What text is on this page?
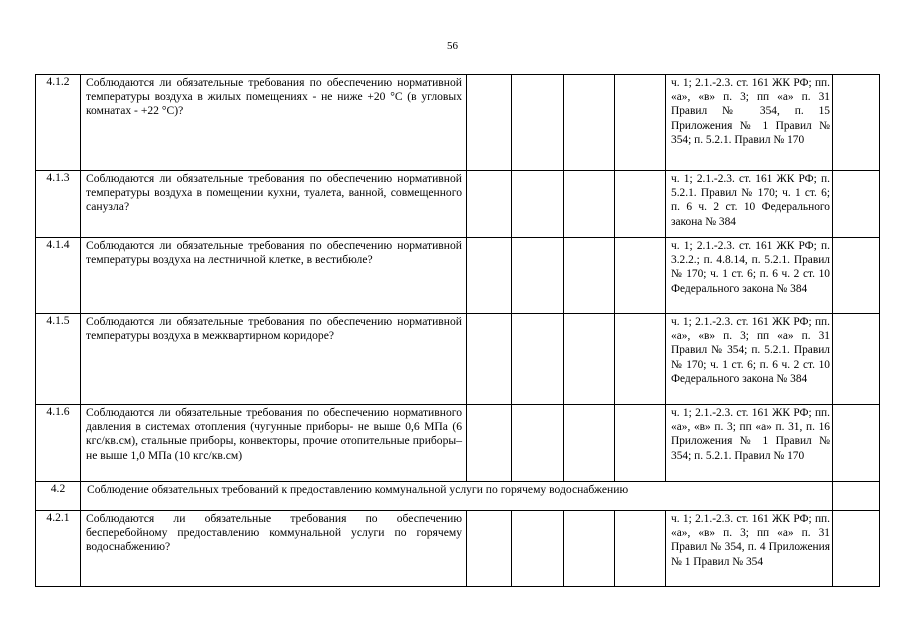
56
4.1.2	Соблюдаются ли обязательные требования по обеспечению нормативной температуры воздуха в жилых помещениях - не ниже +20 °С (в угловых комнатах - +22 °С)?					ч. 1; 2.1.-2.3. ст. 161 ЖК РФ; пп. «а», «в» п. 3; пп «а» п. 31 Правил № 354, п. 15 Приложения № 1 Правил № 354; п. 5.2.1. Правил № 170	
4.1.3	Соблюдаются ли обязательные требования по обеспечению нормативной температуры воздуха в помещении кухни, туалета, ванной, совмещенного санузла?					ч. 1; 2.1.-2.3. ст. 161 ЖК РФ; п. 5.2.1. Правил № 170; ч. 1 ст. 6; п. 6 ч. 2 ст. 10 Федерального закона № 384	
4.1.4	Соблюдаются ли обязательные требования по обеспечению нормативной температуры воздуха на лестничной клетке, в вестибюле?					ч. 1; 2.1.-2.3. ст. 161 ЖК РФ; п. 3.2.2.; п. 4.8.14, п. 5.2.1. Правил № 170; ч. 1 ст. 6; п. 6 ч. 2 ст. 10 Федерального закона № 384	
4.1.5	Соблюдаются ли обязательные требования по обеспечению нормативной температуры воздуха в межквартирном коридоре?					ч. 1; 2.1.-2.3. ст. 161 ЖК РФ; пп. «а», «в» п. 3; пп «а» п. 31 Правил № 354; п. 5.2.1. Правил № 170; ч. 1 ст. 6; п. 6 ч. 2 ст. 10 Федерального закона № 384	
4.1.6	Соблюдаются ли обязательные требования по обеспечению нормативного давления в системах отопления (чугунные приборы- не выше 0,6 МПа (6 кгс/кв.см), стальные приборы, конвекторы, прочие отопительные приборы– не выше 1,0 МПа (10 кгс/кв.см)					ч. 1; 2.1.-2.3. ст. 161 ЖК РФ; пп. «а», «в» п. 3; пп «а» п. 31, п. 16 Приложения № 1 Правил № 354; п. 5.2.1. Правил № 170	
4.2	Соблюдение обязательных требований к предоставлению коммунальной услуги по горячему водоснабжению						
4.2.1	Соблюдаются ли обязательные требования по обеспечению бесперебойному предоставлению коммунальной услуги по горячему водоснабжению?					ч. 1; 2.1.-2.3. ст. 161 ЖК РФ; пп. «а», «в» п. 3; пп «а» п. 31 Правил № 354, п. 4 Приложения № 1 Правил № 354	
